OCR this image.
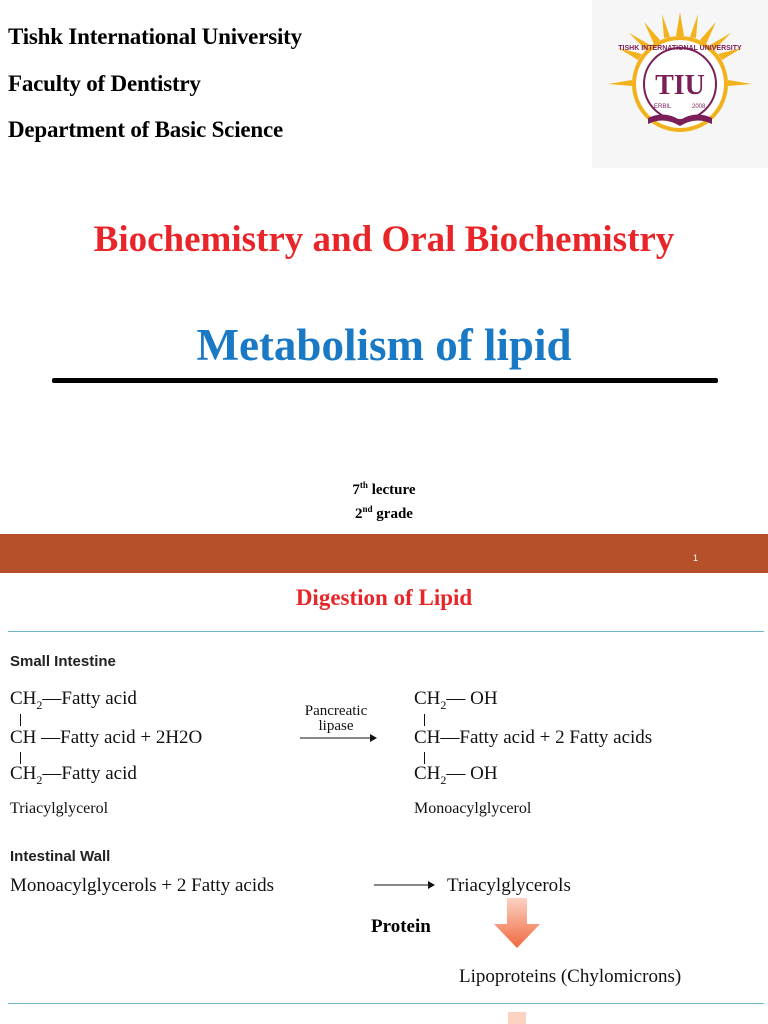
Tishk International University
Faculty of Dentistry
Department of Basic Science
TIU
TISHK INTERNATIONAL UNIVERSITY
ERBIL	2008
Biochemistry and Oral Biochemistry
Metabolism of lipid
7th lecture
2nd grade
1
Digestion of Lipid
Small Intestine
$CH_2—Fatty$ acid
CH —Fatty acid + 2H2O
$CH_2—Fatty$ acid
Triacylglycerol
Pancreatic
lipase
$CH_2—$ OH
CH—Fatty acid + 2 Fatty acids
$CH_2—$ OH
Monoacylglycerol
Intestinal Wall
Monoacylglycerols + 2 Fatty acids	Triacylglycerols
Protein
Lipoproteins (Chylomicrons)
